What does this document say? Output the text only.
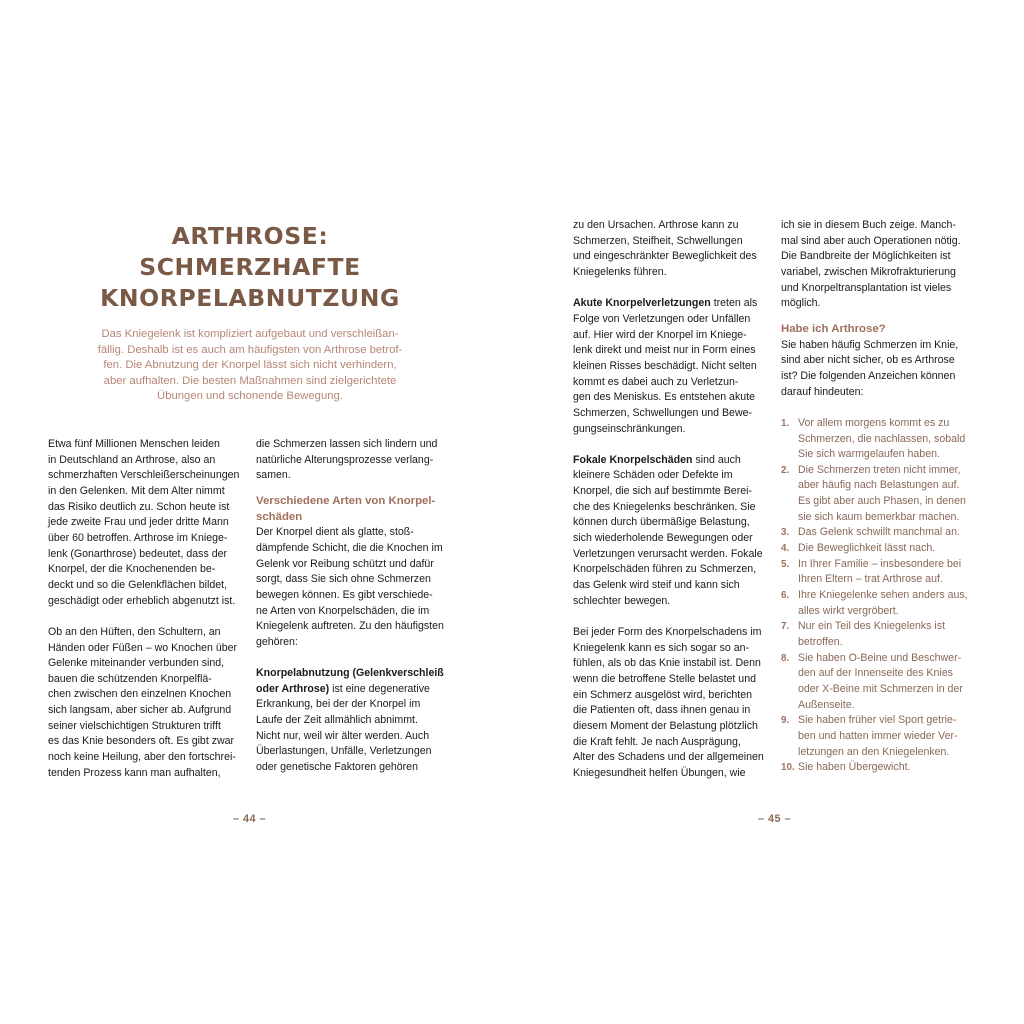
ARTHROSE:
SCHMERZHAFTE
KNORPELABNUTZUNG
Das Kniegelenk ist kompliziert aufgebaut und verschleißan-
fällig. Deshalb ist es auch am häufigsten von Arthrose betrof-
fen. Die Abnutzung der Knorpel lässt sich nicht verhindern,
aber aufhalten. Die besten Maßnahmen sind zielgerichtete
Übungen und schonende Bewegung.
Etwa fünf Millionen Menschen leiden
in Deutschland an Arthrose, also an
schmerzhaften Verschleißerscheinungen
in den Gelenken. Mit dem Alter nimmt
das Risiko deutlich zu. Schon heute ist
jede zweite Frau und jeder dritte Mann
über 60 betroffen. Arthrose im Kniege-
lenk (Gonarthrose) bedeutet, dass der
Knorpel, der die Knochenenden be-
deckt und so die Gelenkflächen bildet,
geschädigt oder erheblich abgenutzt ist.
Ob an den Hüften, den Schultern, an
Händen oder Füßen – wo Knochen über
Gelenke miteinander verbunden sind,
bauen die schützenden Knorpelflä-
chen zwischen den einzelnen Knochen
sich langsam, aber sicher ab. Aufgrund
seiner vielschichtigen Strukturen trifft
es das Knie besonders oft. Es gibt zwar
noch keine Heilung, aber den fortschrei-
tenden Prozess kann man aufhalten,
die Schmerzen lassen sich lindern und
natürliche Alterungsprozesse verlang-
samen.
Verschiedene Arten von Knorpel-
schäden
Der Knorpel dient als glatte, stoß-
dämpfende Schicht, die die Knochen im
Gelenk vor Reibung schützt und dafür
sorgt, dass Sie sich ohne Schmerzen
bewegen können. Es gibt verschiede-
ne Arten von Knorpelschäden, die im
Kniegelenk auftreten. Zu den häufigsten
gehören:
Knorpelabnutzung (Gelenkverschleiß
oder Arthrose) ist eine degenerative
Erkrankung, bei der der Knorpel im
Laufe der Zeit allmählich abnimmt.
Nicht nur, weil wir älter werden. Auch
Überlastungen, Unfälle, Verletzungen
oder genetische Faktoren gehören
– 44 –
zu den Ursachen. Arthrose kann zu
Schmerzen, Steifheit, Schwellungen
und eingeschränkter Beweglichkeit des
Kniegelenks führen.
Akute Knorpelverletzungen treten als
Folge von Verletzungen oder Unfällen
auf. Hier wird der Knorpel im Kniege-
lenk direkt und meist nur in Form eines
kleinen Risses beschädigt. Nicht selten
kommt es dabei auch zu Verletzun-
gen des Meniskus. Es entstehen akute
Schmerzen, Schwellungen und Bewe-
gungseinschränkungen.
Fokale Knorpelschäden sind auch
kleinere Schäden oder Defekte im
Knorpel, die sich auf bestimmte Berei-
che des Kniegelenks beschränken. Sie
können durch übermäßige Belastung,
sich wiederholende Bewegungen oder
Verletzungen verursacht werden. Fokale
Knorpelschäden führen zu Schmerzen,
das Gelenk wird steif und kann sich
schlechter bewegen.
Bei jeder Form des Knorpelschadens im
Kniegelenk kann es sich sogar so an-
fühlen, als ob das Knie instabil ist. Denn
wenn die betroffene Stelle belastet und
ein Schmerz ausgelöst wird, berichten
die Patienten oft, dass ihnen genau in
diesem Moment der Belastung plötzlich
die Kraft fehlt. Je nach Ausprägung,
Alter des Schadens und der allgemeinen
Kniegesundheit helfen Übungen, wie
ich sie in diesem Buch zeige. Manch-
mal sind aber auch Operationen nötig.
Die Bandbreite der Möglichkeiten ist
variabel, zwischen Mikrofrakturierung
und Knorpeltransplantation ist vieles
möglich.
Habe ich Arthrose?
Sie haben häufig Schmerzen im Knie,
sind aber nicht sicher, ob es Arthrose
ist? Die folgenden Anzeichen können
darauf hindeuten:
1. Vor allem morgens kommt es zu
Schmerzen, die nachlassen, sobald
Sie sich warmgelaufen haben.
2. Die Schmerzen treten nicht immer,
aber häufig nach Belastungen auf.
Es gibt aber auch Phasen, in denen
sie sich kaum bemerkbar machen.
3. Das Gelenk schwillt manchmal an.
4. Die Beweglichkeit lässt nach.
5. In Ihrer Familie – insbesondere bei
Ihren Eltern – trat Arthrose auf.
6. Ihre Kniegelenke sehen anders aus,
alles wirkt vergröbert.
7. Nur ein Teil des Kniegelenks ist
betroffen.
8. Sie haben O-Beine und Beschwer-
den auf der Innenseite des Knies
oder X-Beine mit Schmerzen in der
Außenseite.
9. Sie haben früher viel Sport getrie-
ben und hatten immer wieder Ver-
letzungen an den Kniegelenken.
10. Sie haben Übergewicht.
– 45 –
